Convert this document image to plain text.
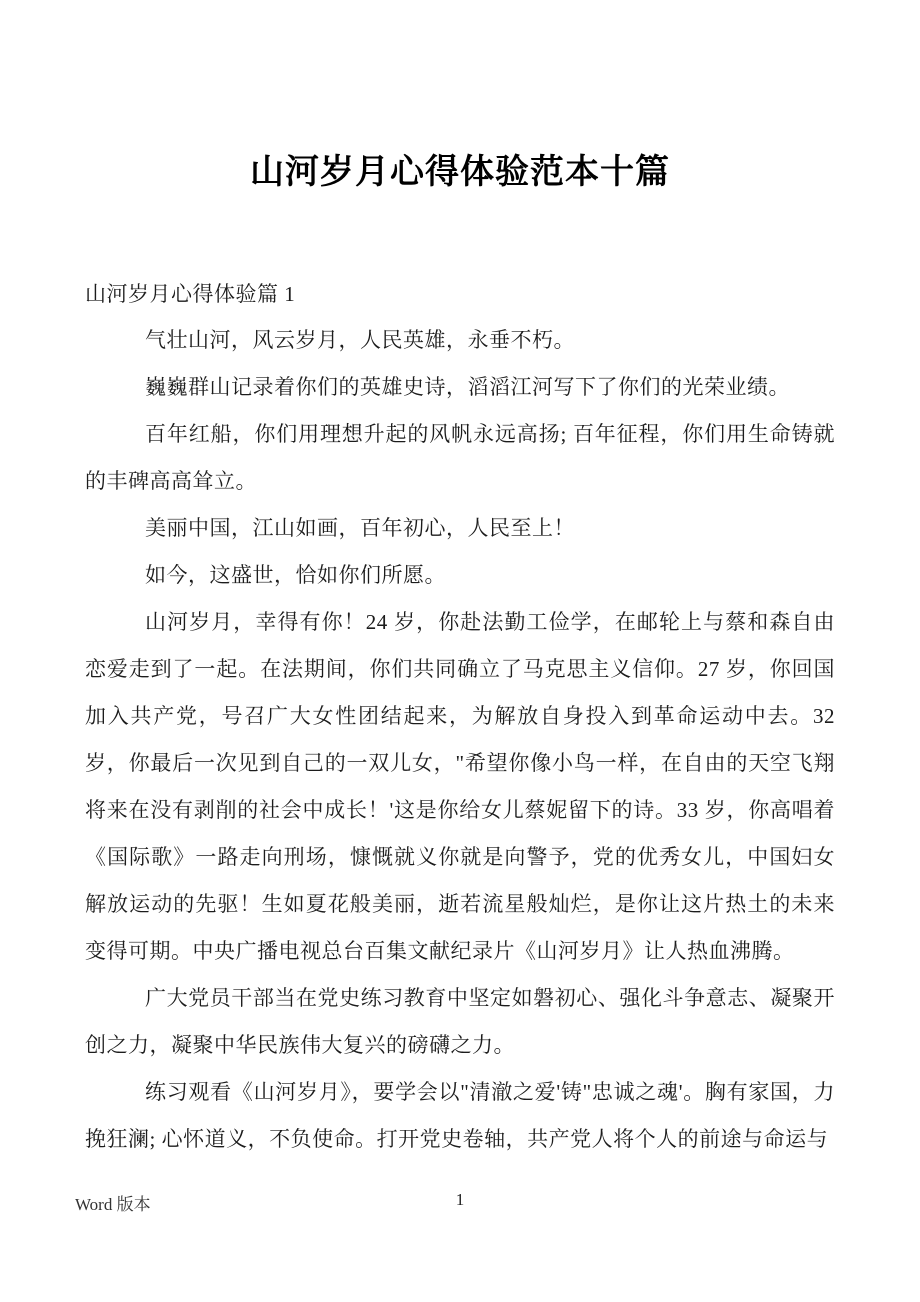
山河岁月心得体验范本十篇
山河岁月心得体验篇 1

气壮山河，风云岁月，人民英雄，永垂不朽。

巍巍群山记录着你们的英雄史诗，滔滔江河写下了你们的光荣业绩。

百年红船，你们用理想升起的风帆永远高扬; 百年征程，你们用生命铸就的丰碑高高耸立。

美丽中国，江山如画，百年初心，人民至上！

如今，这盛世，恰如你们所愿。

山河岁月，幸得有你！24 岁，你赴法勤工俭学，在邮轮上与蔡和森自由恋爱走到了一起。在法期间，你们共同确立了马克思主义信仰。27 岁，你回国加入共产党，号召广大女性团结起来，为解放自身投入到革命运动中去。32 岁，你最后一次见到自己的一双儿女，"希望你像小鸟一样，在自由的天空飞翔将来在没有剥削的社会中成长！'这是你给女儿蔡妮留下的诗。33 岁，你高唱着《国际歌》一路走向刑场，慷慨就义你就是向警予，党的优秀女儿，中国妇女解放运动的先驱！生如夏花般美丽，逝若流星般灿烂，是你让这片热土的未来变得可期。中央广播电视总台百集文献纪录片《山河岁月》让人热血沸腾。

广大党员干部当在党史练习教育中坚定如磐初心、强化斗争意志、凝聚开创之力，凝聚中华民族伟大复兴的磅礴之力。

练习观看《山河岁月》，要学会以"清澈之爱'铸"忠诚之魂'。胸有家国，力挽狂澜; 心怀道义，不负使命。打开党史卷轴，共产党人将个人的前途与命运与

Word 版本	1
